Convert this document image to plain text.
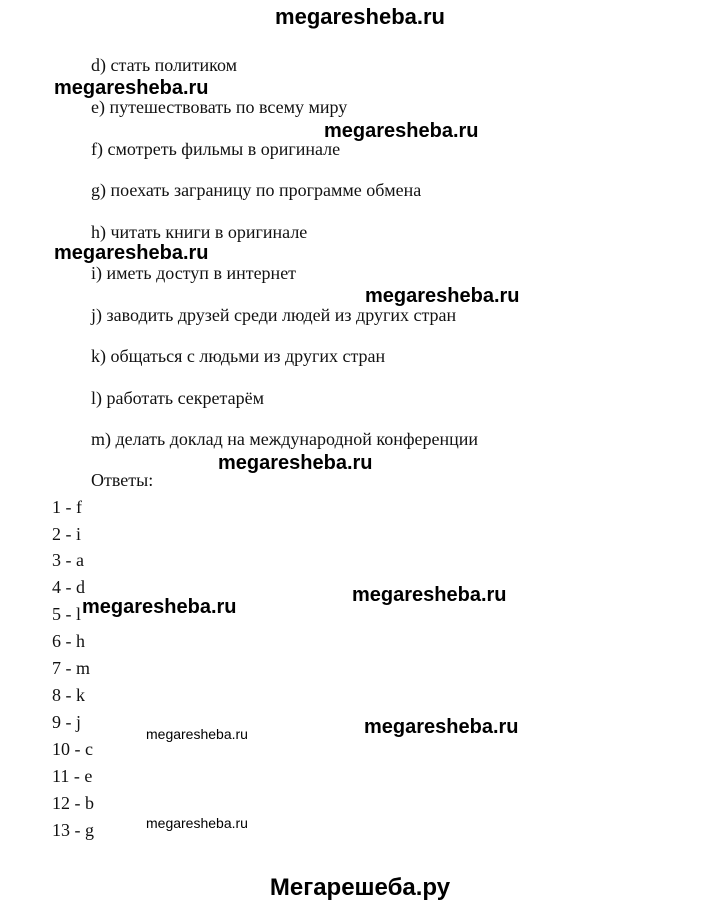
megaresheba.ru
d) стать политиком
e) путешествовать по всему миру
f) смотреть фильмы в оригинале
g) поехать заграницу по программе обмена
h) читать книги в оригинале
i) иметь доступ в интернет
j) заводить друзей среди людей из других стран
k) общаться с людьми из других стран
l) работать секретарём
m) делать доклад на международной конференции
Ответы:
1 - f
2 - i
3 - a
4 - d
5 - l
6 - h
7 - m
8 - k
9 - j
10 - c
11 - e
12 - b
13 - g
megaresheba.ru
megaresheba.ru
megaresheba.ru
megaresheba.ru
megaresheba.ru
megaresheba.ru
megaresheba.ru
megaresheba.ru
megaresheba.ru
megaresheba.ru
Мегарешеба.ру
